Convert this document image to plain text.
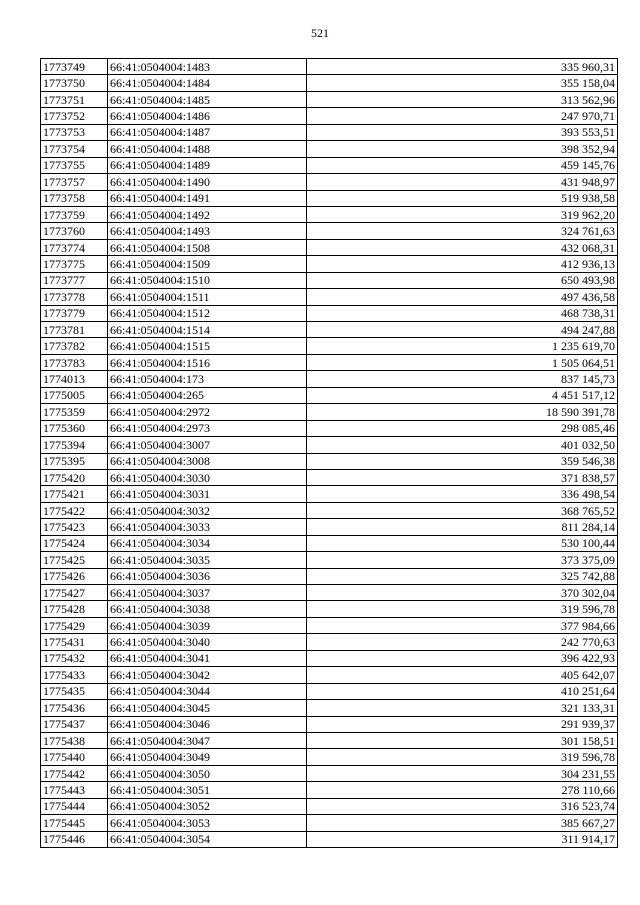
521
1773749	66:41:0504004:1483	335 960,31
1773750	66:41:0504004:1484	355 158,04
1773751	66:41:0504004:1485	313 562,96
1773752	66:41:0504004:1486	247 970,71
1773753	66:41:0504004:1487	393 553,51
1773754	66:41:0504004:1488	398 352,94
1773755	66:41:0504004:1489	459 145,76
1773757	66:41:0504004:1490	431 948,97
1773758	66:41:0504004:1491	519 938,58
1773759	66:41:0504004:1492	319 962,20
1773760	66:41:0504004:1493	324 761,63
1773774	66:41:0504004:1508	432 068,31
1773775	66:41:0504004:1509	412 936,13
1773777	66:41:0504004:1510	650 493,98
1773778	66:41:0504004:1511	497 436,58
1773779	66:41:0504004:1512	468 738,31
1773781	66:41:0504004:1514	494 247,88
1773782	66:41:0504004:1515	1 235 619,70
1773783	66:41:0504004:1516	1 505 064,51
1774013	66:41:0504004:173	837 145,73
1775005	66:41:0504004:265	4 451 517,12
1775359	66:41:0504004:2972	18 590 391,78
1775360	66:41:0504004:2973	298 085,46
1775394	66:41:0504004:3007	401 032,50
1775395	66:41:0504004:3008	359 546,38
1775420	66:41:0504004:3030	371 838,57
1775421	66:41:0504004:3031	336 498,54
1775422	66:41:0504004:3032	368 765,52
1775423	66:41:0504004:3033	811 284,14
1775424	66:41:0504004:3034	530 100,44
1775425	66:41:0504004:3035	373 375,09
1775426	66:41:0504004:3036	325 742,88
1775427	66:41:0504004:3037	370 302,04
1775428	66:41:0504004:3038	319 596,78
1775429	66:41:0504004:3039	377 984,66
1775431	66:41:0504004:3040	242 770,63
1775432	66:41:0504004:3041	396 422,93
1775433	66:41:0504004:3042	405 642,07
1775435	66:41:0504004:3044	410 251,64
1775436	66:41:0504004:3045	321 133,31
1775437	66:41:0504004:3046	291 939,37
1775438	66:41:0504004:3047	301 158,51
1775440	66:41:0504004:3049	319 596,78
1775442	66:41:0504004:3050	304 231,55
1775443	66:41:0504004:3051	278 110,66
1775444	66:41:0504004:3052	316 523,74
1775445	66:41:0504004:3053	385 667,27
1775446	66:41:0504004:3054	311 914,17
